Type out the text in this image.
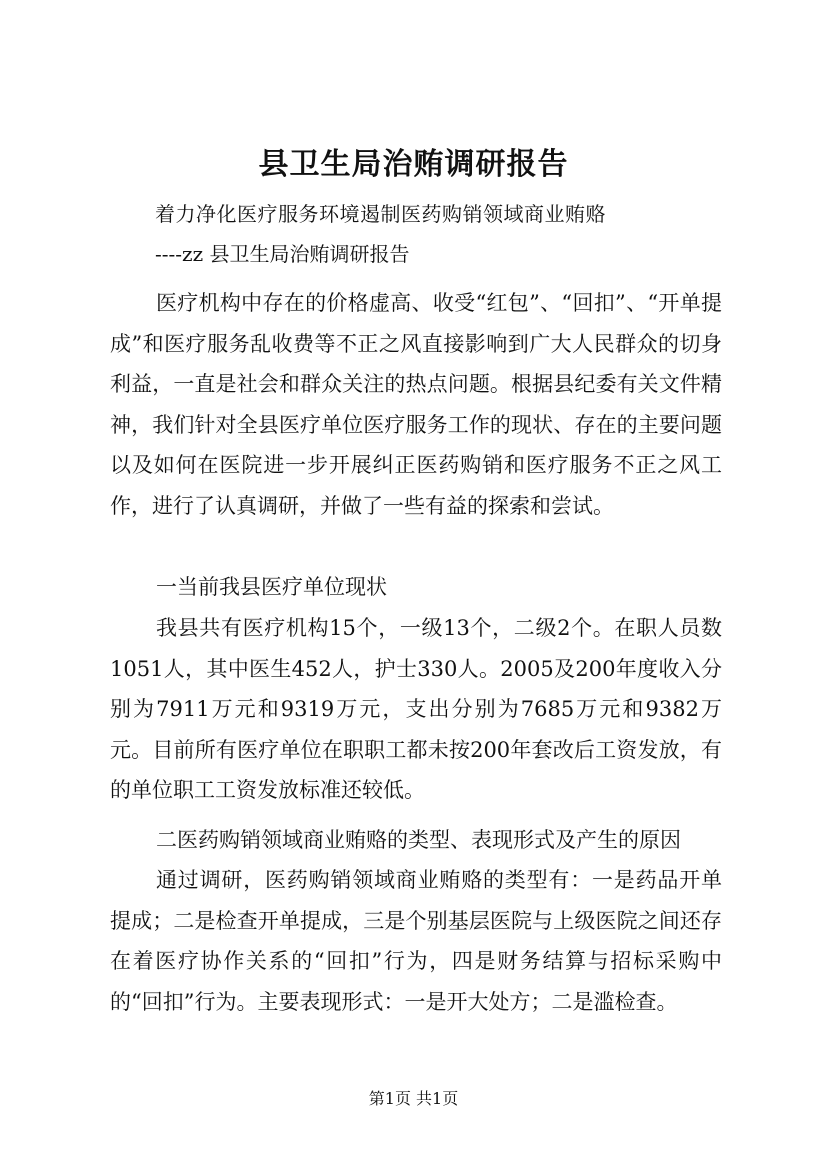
县卫生局治贿调研报告
着力净化医疗服务环境遏制医药购销领域商业贿赂
----zz 县卫生局治贿调研报告
医疗机构中存在的价格虚高、收受“红包”、“回扣”、“开单提成”和医疗服务乱收费等不正之风直接影响到广大人民群众的切身利益，一直是社会和群众关注的热点问题。根据县纪委有关文件精神，我们针对全县医疗单位医疗服务工作的现状、存在的主要问题以及如何在医院进一步开展纠正医药购销和医疗服务不正之风工作，进行了认真调研，并做了一些有益的探索和尝试。
一当前我县医疗单位现状
我县共有医疗机构15个，一级13个，二级2个。在职人员数1051人，其中医生452人，护士330人。2005及200年度收入分别为7911万元和9319万元，支出分别为7685万元和9382万元。目前所有医疗单位在职职工都未按200年套改后工资发放，有的单位职工工资发放标准还较低。
二医药购销领域商业贿赂的类型、表现形式及产生的原因
通过调研，医药购销领域商业贿赂的类型有：一是药品开单提成；二是检查开单提成，三是个别基层医院与上级医院之间还存在着医疗协作关系的“回扣”行为，四是财务结算与招标采购中的“回扣”行为。主要表现形式：一是开大处方；二是滥检查。
第1页 共1页
